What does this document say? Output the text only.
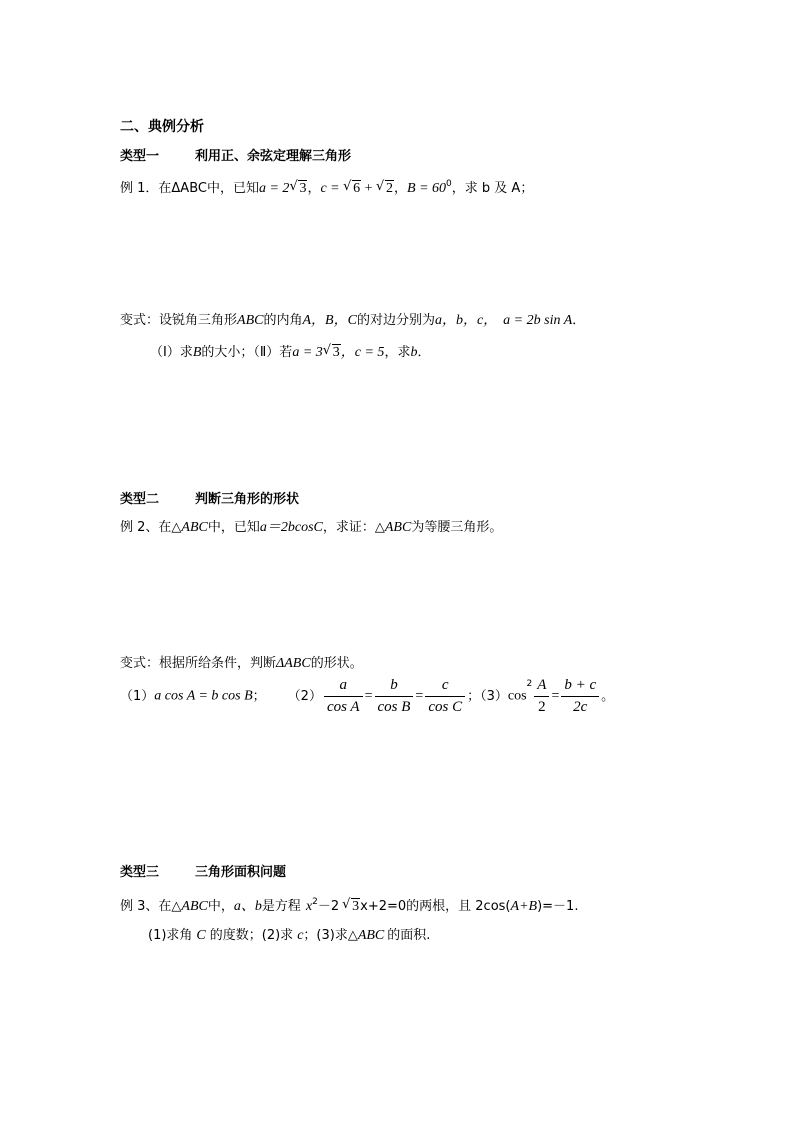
二、典例分析
类型一	利用正、余弦定理解三角形
例 1．在ΔABC中，已知a = 2 √ 3，c = √ 6 + √ 2，$B = 60^0$，求 b 及 A；
变式：设锐角三角形ABC的内角A，B，C的对边分别为a，b，c， a = 2b sin A．
（Ⅰ）求B的大小；（Ⅱ）若a = 3 √ 3，c = 5，求b．
类型二	判断三角形的形状
例 2、在△ABC中，已知a＝2bcosC，求证：△ABC为等腰三角形。
变式：根据所给条件，判断ΔABC的形状。
（1）a cos A = b cos B； $(2) \frac{a}{\text{cos A}} = \frac{b}{\text{cos B}} = \frac{c}{\text{cos C}}$ ；$(3)\cos^2 \frac{A}{2} = \frac{b + c}{2c}$ 。
类型三	三角形面积问题
例 3、在△ABC中，a、b是方程 $x^2-2$ √ 3x+2=0的两根，且 2cos(A+B)=－1.
(1)求角 C 的度数；(2)求 c；(3)求△ABC 的面积.
